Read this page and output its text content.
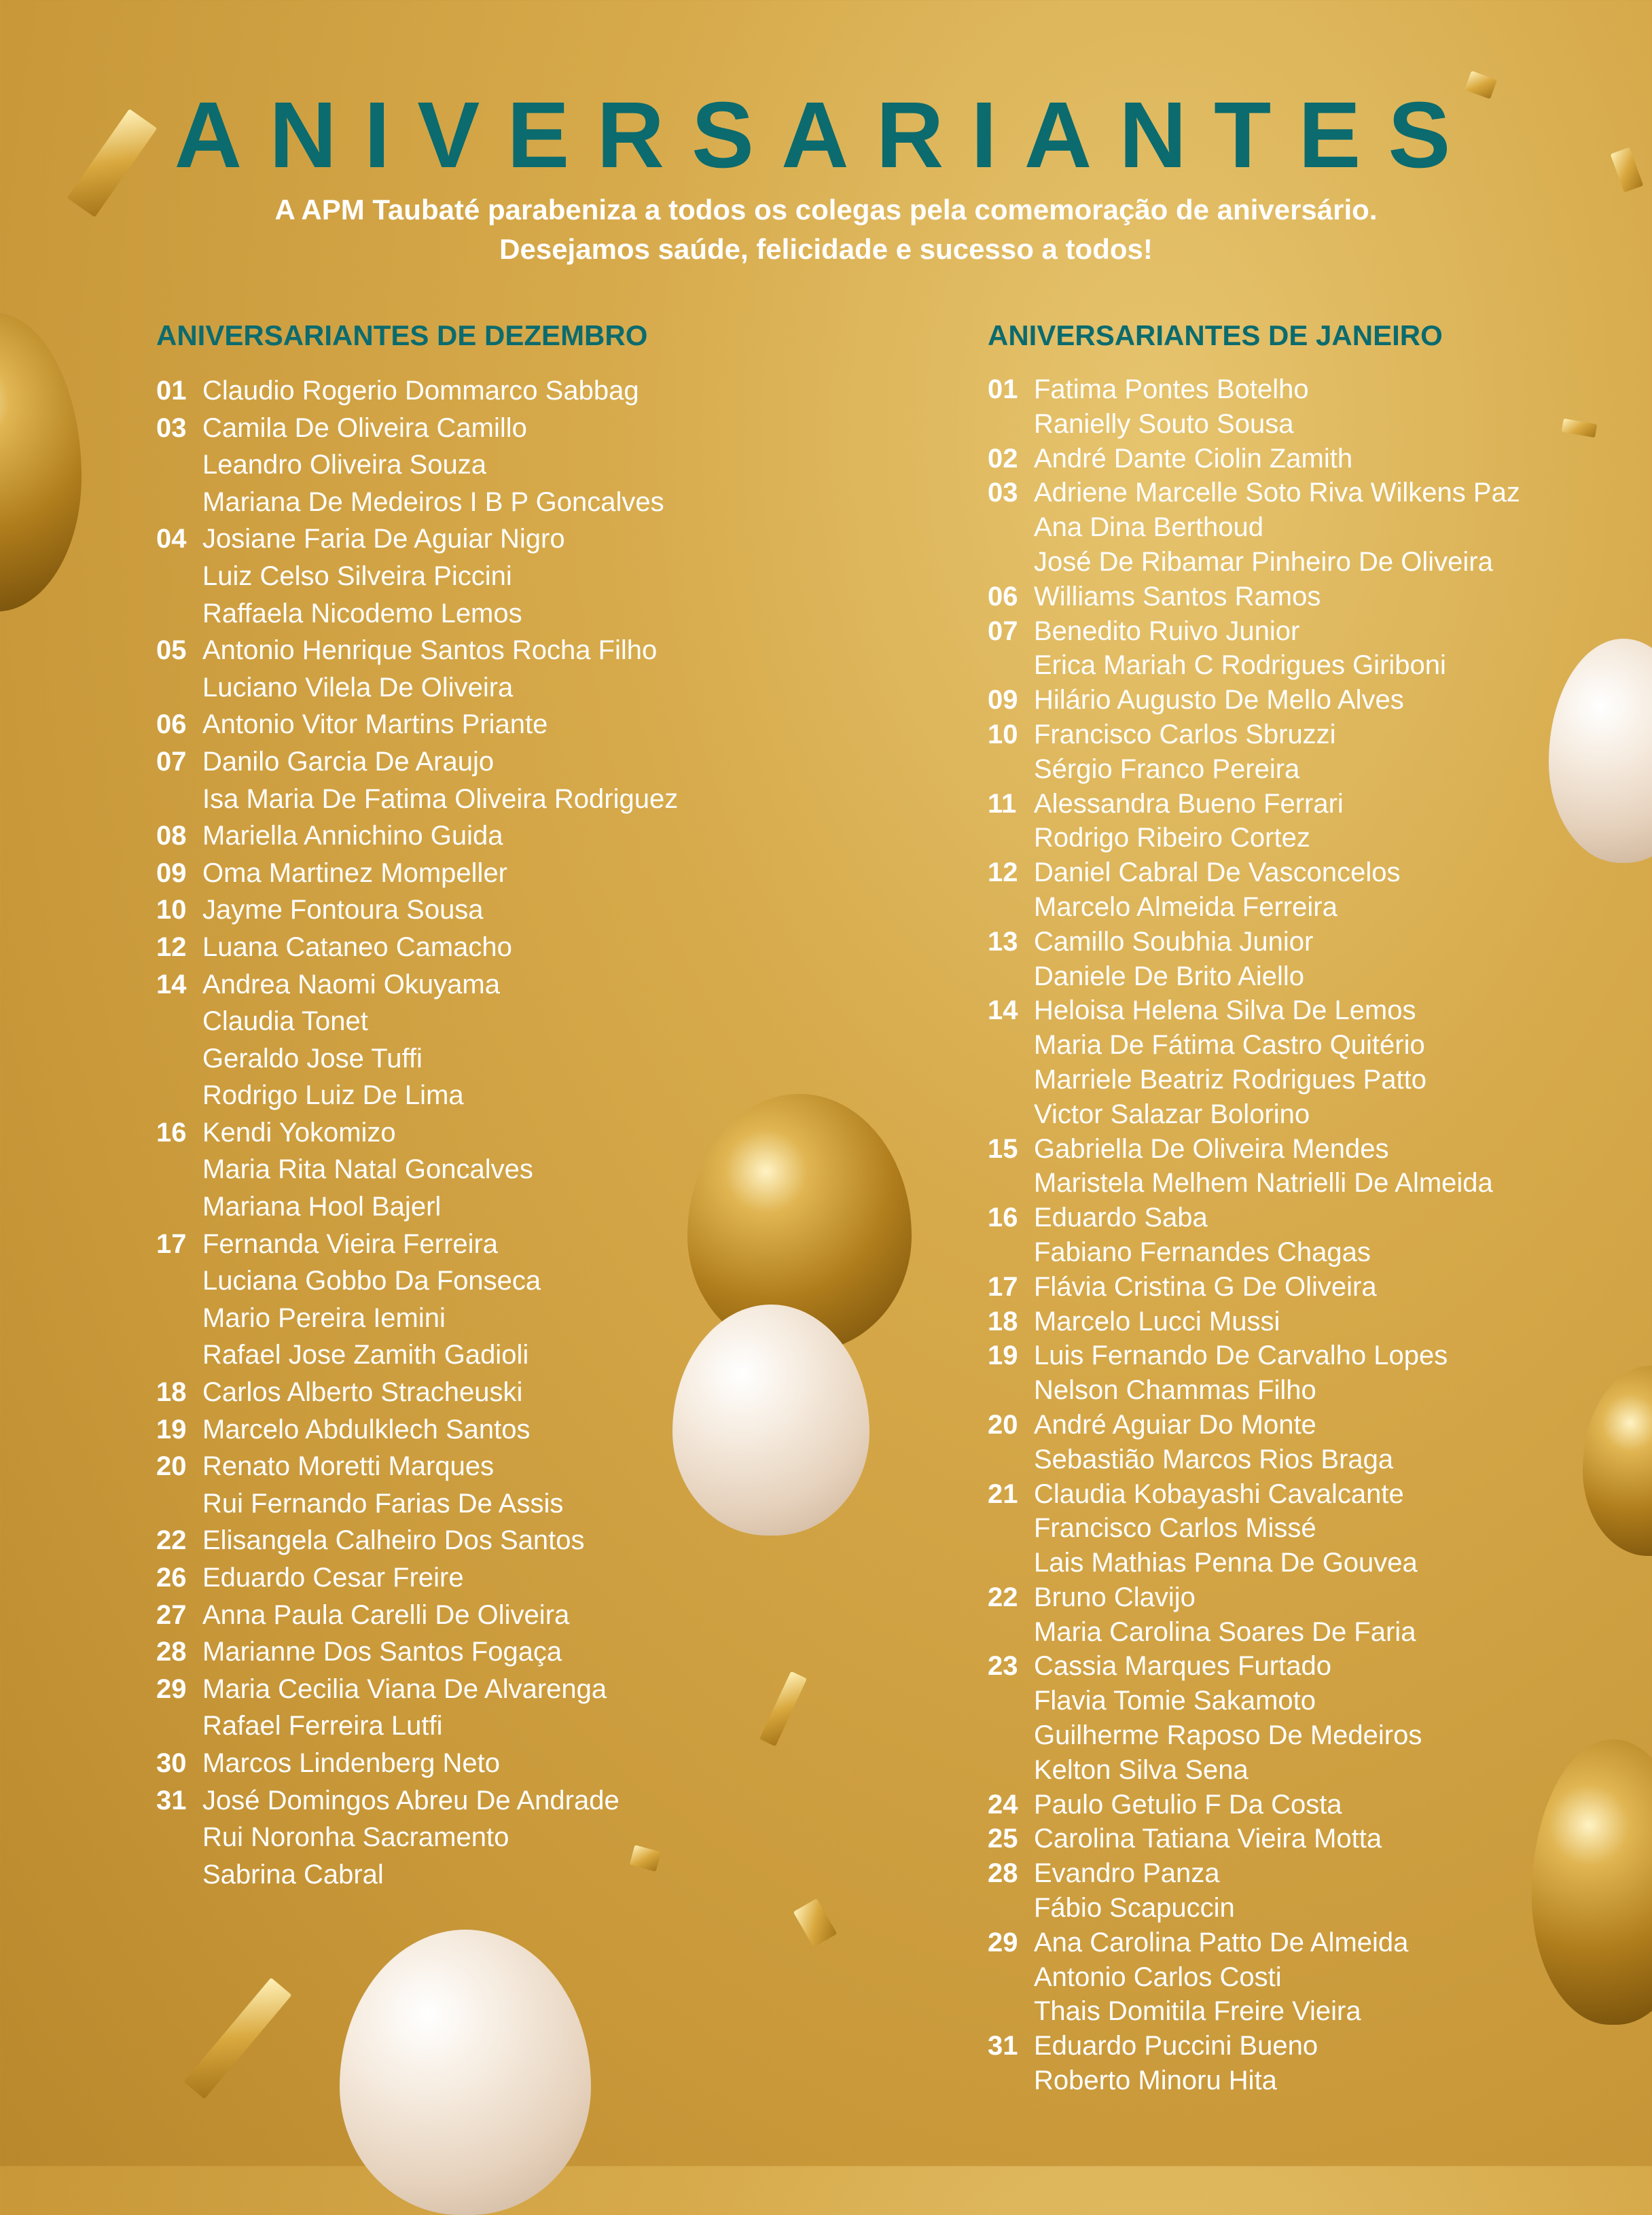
ANIVERSARIANTES
A APM Taubaté parabeniza a todos os colegas pela comemoração de aniversário.
Desejamos saúde, felicidade e sucesso a todos!
ANIVERSARIANTES DE DEZEMBRO
01 Claudio Rogerio Dommarco Sabbag
03 Camila De Oliveira Camillo
Leandro Oliveira Souza
Mariana De Medeiros I B P Goncalves
04 Josiane Faria De Aguiar Nigro
Luiz Celso Silveira Piccini
Raffaela Nicodemo Lemos
05 Antonio Henrique Santos Rocha Filho
Luciano Vilela De Oliveira
06 Antonio Vitor Martins Priante
07 Danilo Garcia De Araujo
Isa Maria De Fatima Oliveira Rodriguez
08 Mariella Annichino Guida
09 Oma Martinez Mompeller
10 Jayme Fontoura Sousa
12 Luana Cataneo Camacho
14 Andrea Naomi Okuyama
Claudia Tonet
Geraldo Jose Tuffi
Rodrigo Luiz De Lima
16 Kendi Yokomizo
Maria Rita Natal Goncalves
Mariana Hool Bajerl
17 Fernanda Vieira Ferreira
Luciana Gobbo Da Fonseca
Mario Pereira Iemini
Rafael Jose Zamith Gadioli
18 Carlos Alberto Stracheuski
19 Marcelo Abdulklech Santos
20 Renato Moretti Marques
Rui Fernando Farias De Assis
22 Elisangela Calheiro Dos Santos
26 Eduardo Cesar Freire
27 Anna Paula Carelli De Oliveira
28 Marianne Dos Santos Fogaça
29 Maria Cecilia Viana De Alvarenga
Rafael Ferreira Lutfi
30 Marcos Lindenberg Neto
31 José Domingos Abreu De Andrade
Rui Noronha Sacramento
Sabrina Cabral
ANIVERSARIANTES DE JANEIRO
01 Fatima Pontes Botelho
Ranielly Souto Sousa
02 André Dante Ciolin Zamith
03 Adriene Marcelle Soto Riva Wilkens Paz
Ana Dina Berthoud
José De Ribamar Pinheiro De Oliveira
06 Williams Santos Ramos
07 Benedito Ruivo Junior
Erica Mariah C Rodrigues Giriboni
09 Hilário Augusto De Mello Alves
10 Francisco Carlos Sbruzzi
Sérgio Franco Pereira
11 Alessandra Bueno Ferrari
Rodrigo Ribeiro Cortez
12 Daniel Cabral De Vasconcelos
Marcelo Almeida Ferreira
13 Camillo Soubhia Junior
Daniele De Brito Aiello
14 Heloisa Helena Silva De Lemos
Maria De Fátima Castro Quitério
Marriele Beatriz Rodrigues Patto
Victor Salazar Bolorino
15 Gabriella De Oliveira Mendes
Maristela Melhem Natrielli De Almeida
16 Eduardo Saba
Fabiano Fernandes Chagas
17 Flávia Cristina G De Oliveira
18 Marcelo Lucci Mussi
19 Luis Fernando De Carvalho Lopes
Nelson Chammas Filho
20 André Aguiar Do Monte
Sebastião Marcos Rios Braga
21 Claudia Kobayashi Cavalcante
Francisco Carlos Missé
Lais Mathias Penna De Gouvea
22 Bruno Clavijo
Maria Carolina Soares De Faria
23 Cassia Marques Furtado
Flavia Tomie Sakamoto
Guilherme Raposo De Medeiros
Kelton Silva Sena
24 Paulo Getulio F Da Costa
25 Carolina Tatiana Vieira Motta
28 Evandro Panza
Fábio Scapuccin
29 Ana Carolina Patto De Almeida
Antonio Carlos Costi
Thais Domitila Freire Vieira
31 Eduardo Puccini Bueno
Roberto Minoru Hita
